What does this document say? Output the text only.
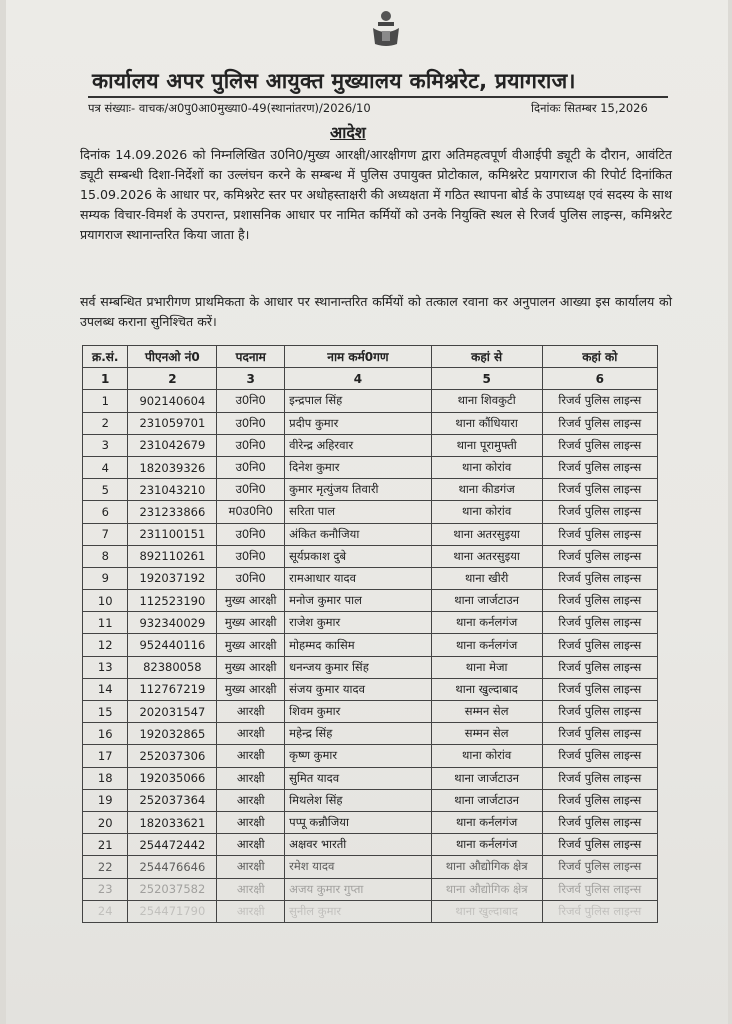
कार्यालय अपर पुलिस आयुक्त मुख्यालय कमिश्नरेट, प्रयागराज।
पत्र संख्याः- वाचक/अ0पु0आ0मुख्या0-49(स्थानांतरण)/2026/10	दिनांकः सितम्बर 15,2026
आदेश
दिनांक 14.09.2026 को निम्नलिखित उ0नि0/मुख्य आरक्षी/आरक्षीगण द्वारा अतिमहत्वपूर्ण वीआईपी ड्यूटी के दौरान, आवंटित ड्यूटी सम्बन्धी दिशा-निर्देशों का उल्लंघन करने के सम्बन्ध में पुलिस उपायुक्त प्रोटोकाल, कमिश्नरेट प्रयागराज की रिपोर्ट दिनांकित 15.09.2026 के आधार पर, कमिश्नरेट स्तर पर अधोहस्ताक्षरी की अध्यक्षता में गठित स्थापना बोर्ड के उपाध्यक्ष एवं सदस्य के साथ सम्यक विचार-विमर्श के उपरान्त, प्रशासनिक आधार पर नामित कर्मियों को उनके नियुक्ति स्थल से रिजर्व पुलिस लाइन्स, कमिश्नरेट प्रयागराज स्थानान्तरित किया जाता है।
सर्व सम्बन्धित प्रभारीगण प्राथमिकता के आधार पर स्थानान्तरित कर्मियों को तत्काल रवाना कर अनुपालन आख्या इस कार्यालय को उपलब्ध कराना सुनिश्चित करें।
क्र.सं.	पीएनओ नं0	पदनाम	नाम कर्म0गण	कहां से	कहां को
1	2	3	4	5	6
1	902140604	उ0नि0	इन्द्रपाल सिंह	थाना शिवकुटी	रिजर्व पुलिस लाइन्स
2	231059701	उ0नि0	प्रदीप कुमार	थाना कौंधियारा	रिजर्व पुलिस लाइन्स
3	231042679	उ0नि0	वीरेन्द्र अहिरवार	थाना पूरामुफ्ती	रिजर्व पुलिस लाइन्स
4	182039326	उ0नि0	दिनेश कुमार	थाना कोरांव	रिजर्व पुलिस लाइन्स
5	231043210	उ0नि0	कुमार मृत्युंजय तिवारी	थाना कीडगंज	रिजर्व पुलिस लाइन्स
6	231233866	म0उ0नि0	सरिता पाल	थाना कोरांव	रिजर्व पुलिस लाइन्स
7	231100151	उ0नि0	अंकित कनौजिया	थाना अतरसुइया	रिजर्व पुलिस लाइन्स
8	892110261	उ0नि0	सूर्यप्रकाश दुबे	थाना अतरसुइया	रिजर्व पुलिस लाइन्स
9	192037192	उ0नि0	रामआधार यादव	थाना खीरी	रिजर्व पुलिस लाइन्स
10	112523190	मुख्य आरक्षी	मनोज कुमार पाल	थाना जार्जटाउन	रिजर्व पुलिस लाइन्स
11	932340029	मुख्य आरक्षी	राजेश कुमार	थाना कर्नलगंज	रिजर्व पुलिस लाइन्स
12	952440116	मुख्य आरक्षी	मोहम्मद कासिम	थाना कर्नलगंज	रिजर्व पुलिस लाइन्स
13	82380058	मुख्य आरक्षी	धनन्जय कुमार सिंह	थाना मेजा	रिजर्व पुलिस लाइन्स
14	112767219	मुख्य आरक्षी	संजय कुमार यादव	थाना खुल्दाबाद	रिजर्व पुलिस लाइन्स
15	202031547	आरक्षी	शिवम कुमार	सम्मन सेल	रिजर्व पुलिस लाइन्स
16	192032865	आरक्षी	महेन्द्र सिंह	सम्मन सेल	रिजर्व पुलिस लाइन्स
17	252037306	आरक्षी	कृष्ण कुमार	थाना कोरांव	रिजर्व पुलिस लाइन्स
18	192035066	आरक्षी	सुमित यादव	थाना जार्जटाउन	रिजर्व पुलिस लाइन्स
19	252037364	आरक्षी	मिथलेश सिंह	थाना जार्जटाउन	रिजर्व पुलिस लाइन्स
20	182033621	आरक्षी	पप्पू कन्नौजिया	थाना कर्नलगंज	रिजर्व पुलिस लाइन्स
21	254472442	आरक्षी	अक्षवर भारती	थाना कर्नलगंज	रिजर्व पुलिस लाइन्स
22	254476646	आरक्षी	रमेश यादव	थाना औद्योगिक क्षेत्र	रिजर्व पुलिस लाइन्स
23	252037582	आरक्षी	अजय कुमार गुप्ता	थाना औद्योगिक क्षेत्र	रिजर्व पुलिस लाइन्स
24	254471790	आरक्षी	सुनील कुमार	थाना खुल्दाबाद	रिजर्व पुलिस लाइन्स
